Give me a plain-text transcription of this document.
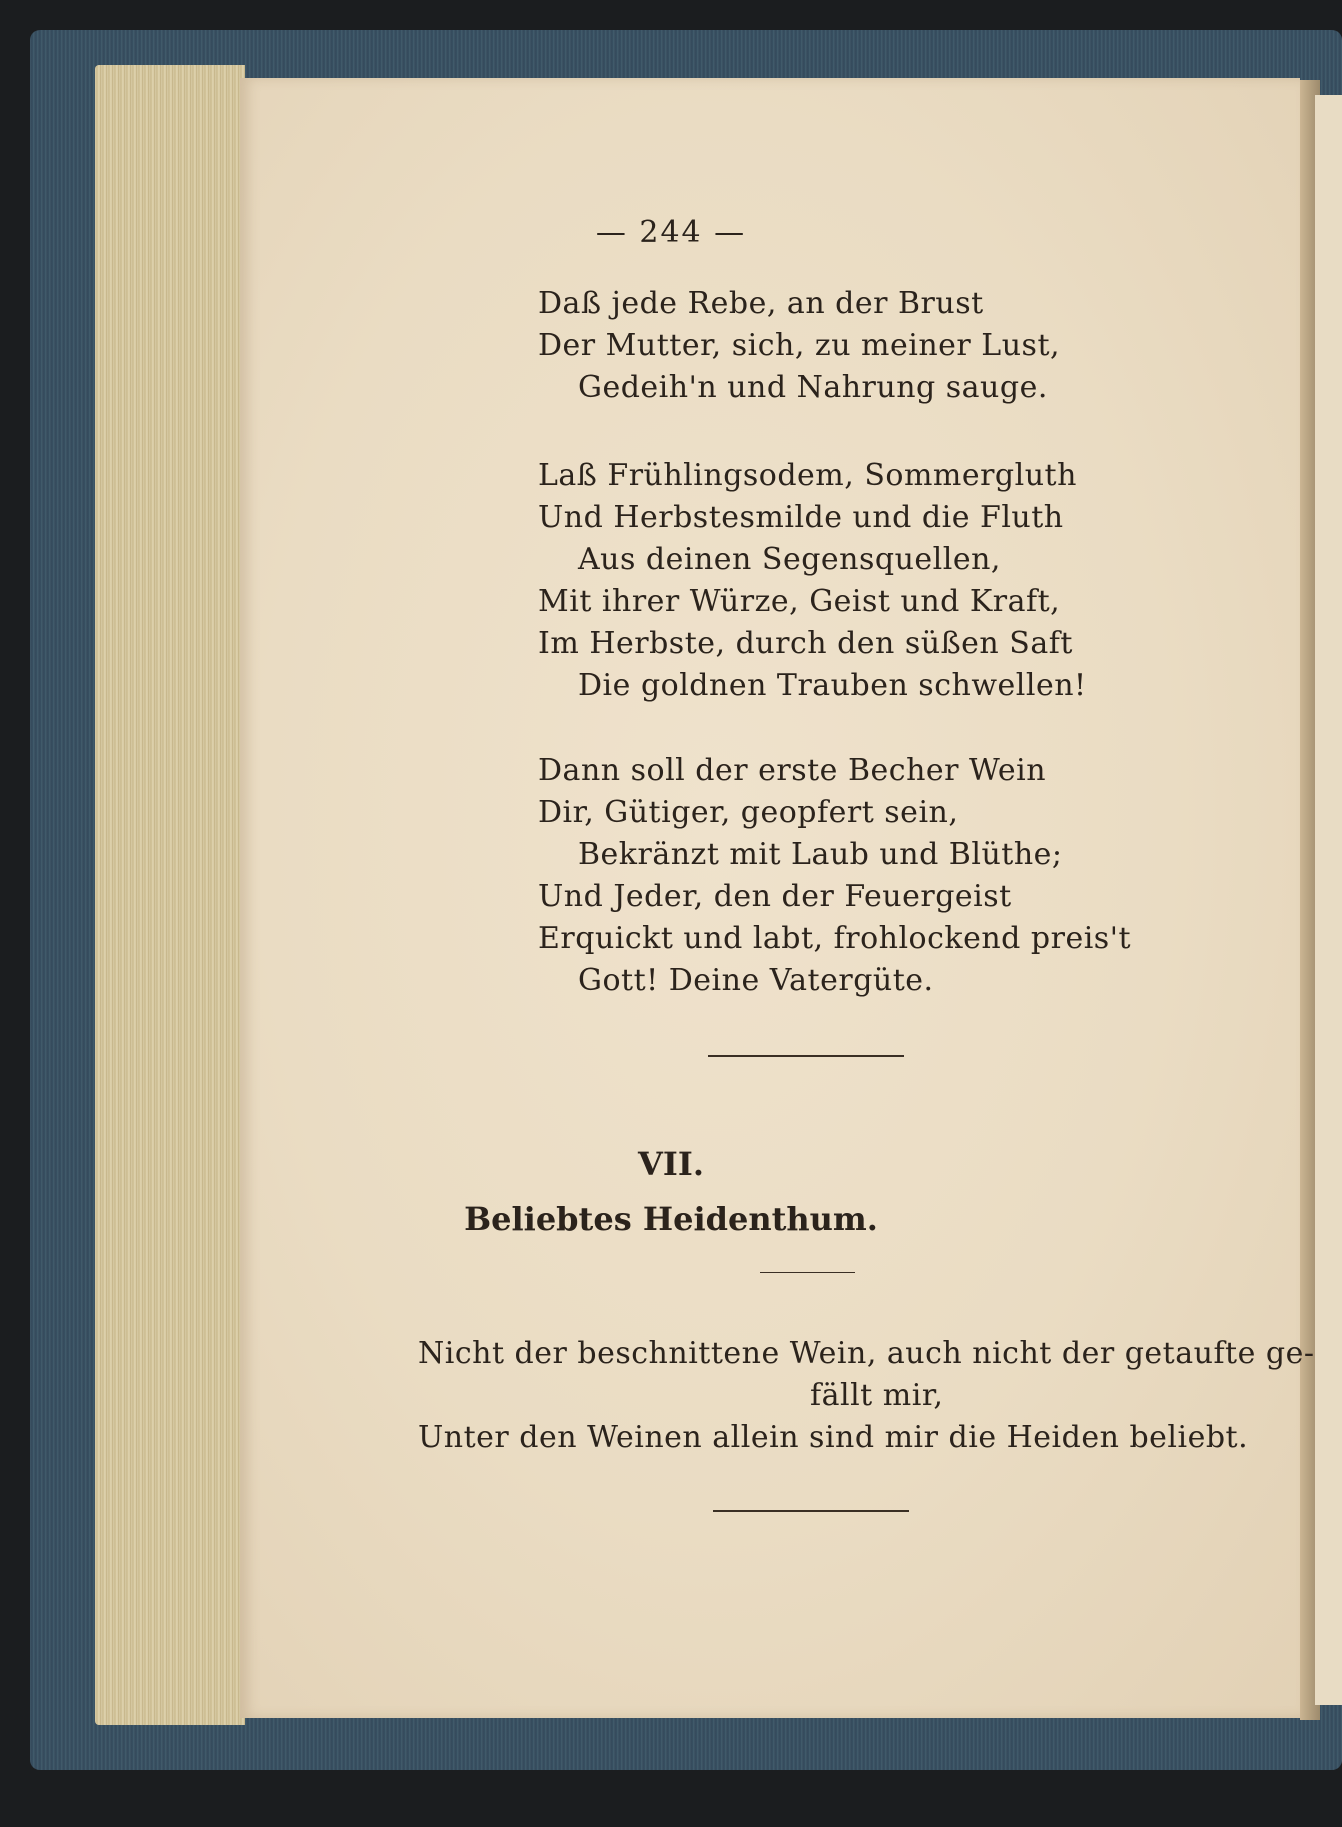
— 244 —
Daß jede Rebe, an der Brust
Der Mutter, sich, zu meiner Lust,
Gedeih'n und Nahrung sauge.
Laß Frühlingsodem, Sommergluth
Und Herbstesmilde und die Fluth
Aus deinen Segensquellen,
Mit ihrer Würze, Geist und Kraft,
Im Herbste, durch den süßen Saft
Die goldnen Trauben schwellen!
Dann soll der erste Becher Wein
Dir, Gütiger, geopfert sein,
Bekränzt mit Laub und Blüthe;
Und Jeder, den der Feuergeist
Erquickt und labt, frohlockend preis't
Gott! Deine Vatergüte.
VII.
Beliebtes Heidenthum.
Nicht der beschnittene Wein, auch nicht der getaufte ge-
fällt mir,
Unter den Weinen allein sind mir die Heiden beliebt.
